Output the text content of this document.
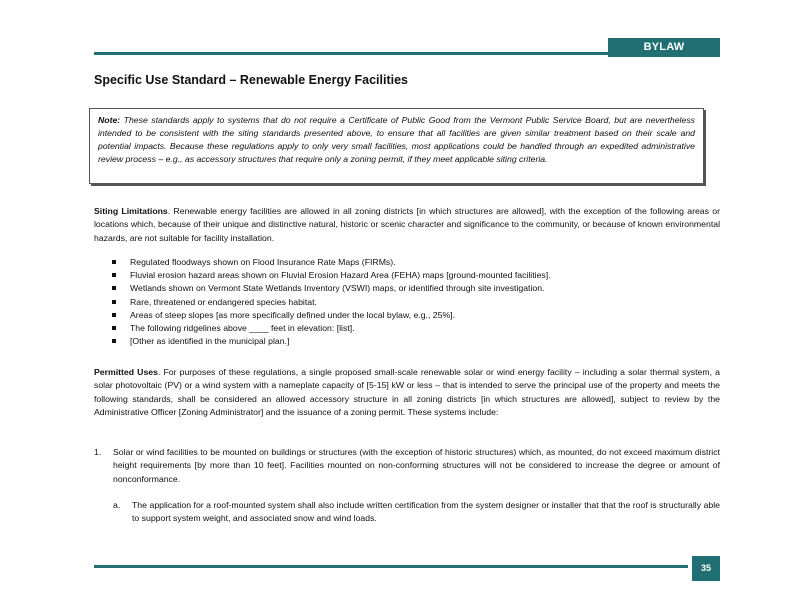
BYLAW STANDARDS
Specific Use Standard – Renewable Energy Facilities

Note: These standards apply to systems that do not require a Certificate of Public Good from the Vermont Public Service Board, but are nevertheless intended to be consistent with the siting standards presented above, to ensure that all facilities are given similar treatment based on their scale and potential impacts. Because these regulations apply to only very small facilities, most applications could be handled through an expedited administrative review process – e.g., as accessory structures that require only a zoning permit, if they meet applicable siting criteria.

Siting Limitations. Renewable energy facilities are allowed in all zoning districts [in which structures are allowed], with the exception of the following areas or locations which, because of their unique and distinctive natural, historic or scenic character and significance to the community, or because of known environmental hazards, are not suitable for facility installation.

Regulated floodways shown on Flood Insurance Rate Maps (FIRMs).
Fluvial erosion hazard areas shown on Fluvial Erosion Hazard Area (FEHA) maps [ground-mounted facilities].
Wetlands shown on Vermont State Wetlands Inventory (VSWI) maps, or identified through site investigation.
Rare, threatened or endangered species habitat.
Areas of steep slopes [as more specifically defined under the local bylaw, e.g., 25%].
The following ridgelines above ____ feet in elevation: [list].
[Other as identified in the municipal plan.]

Permitted Uses. For purposes of these regulations, a single proposed small-scale renewable solar or wind energy facility – including a solar thermal system, a solar photovoltaic (PV) or a wind system with a nameplate capacity of [5-15] kW or less – that is intended to serve the principal use of the property and meets the following standards, shall be considered an allowed accessory structure in all zoning districts [in which structures are allowed], subject to review by the Administrative Officer [Zoning Administrator] and the issuance of a zoning permit. These systems include:

1. Solar or wind facilities to be mounted on buildings or structures (with the exception of historic structures) which, as mounted, do not exceed maximum district height requirements [by more than 10 feet]. Facilities mounted on non-conforming structures will not be considered to increase the degree or amount of nonconformance.

a. The application for a roof-mounted system shall also include written certification from the system designer or installer that that the roof is structurally able to support system weight, and associated snow and wind loads.

35
